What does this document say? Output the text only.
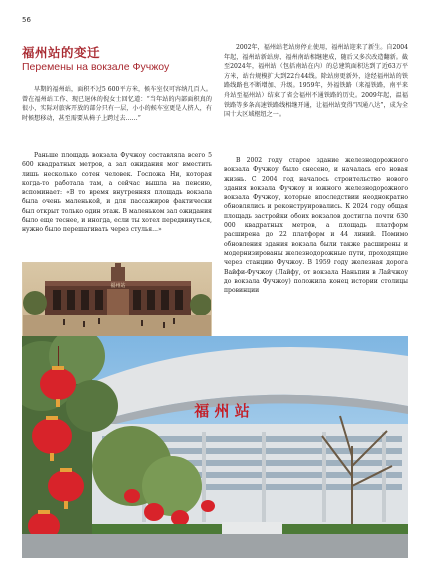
56
福州站的变迁
Перемены на вокзале Фучжоу

早期的福州站，面积不过5 600平方米，候车室仅可容纳几百人。曾在福州站工作、现已退休的倪女士回忆道：“当年站的内部面积真的很小，实际对旅客开放的部分只有一层，小小的候车室更是人挤人，有时候想移动，甚至需要从椅子上跨过去……”

Раньше площадь вокзала Фучжоу составляла всего 5 600 квадратных метров, а зал ожидания мог вместить лишь несколько сотен человек. Госпожа Ни, которая когда-то работала там, а сейчас вышла на пенсию, вспоминает: «В то время внутренняя площадь вокзала была очень маленькой, и для пассажиров фактически был открыт только один этаж. В маленьком зал ожидания было еще теснее, и иногда, если ты хотел передвинуться, нужно было перешагивать через стулья...»

2002年，福州站老站房停止使用，福州站迎来了新生。自2004年起，福州站新站房、福州南站相继建成，随后又多次改造翻新。截至2024年，福州站（包括南站在内）的总建筑面积达到了近63万平方米，站台规模扩大到22台44线。除站房更新外，途经福州站的铁路线路也不断增加、升级。1959年，外福铁路（来福铁路，南平来舟站至福州站）结束了省会福州不通铁路的历史。2009年起，温福铁路等多条高速铁路线相继开通，让福州站变得“四通八达”，成为全国十大区域枢纽之一。

В 2002 году старое здание железнодорожного вокзала Фучжоу было снесено, и началась его новая жизнь. С 2004 год началось строительство нового здания вокзала Фучжоу и южного железнодорожного вокзала Фучжоу, которые впоследствии неоднократно обновлялись и реконструировались. К 2024 году общая площадь застройки обоих вокзалов достигла почти 630 000 квадратных метров, а площадь платформ расширена до 22 платформ и 44 линий. Помимо обновления здания вокзала были также расширены и модернизированы железнодорожные пути, проходящие через станцию Фучжоу. В 1959 году железная дорога Вайфи-Фучжоу (Лайфу, от вокзала Наньпин в Лайчжоу до вокзала Фучжоу) положила конец истории столицы провинции

福州站
福 州 站
